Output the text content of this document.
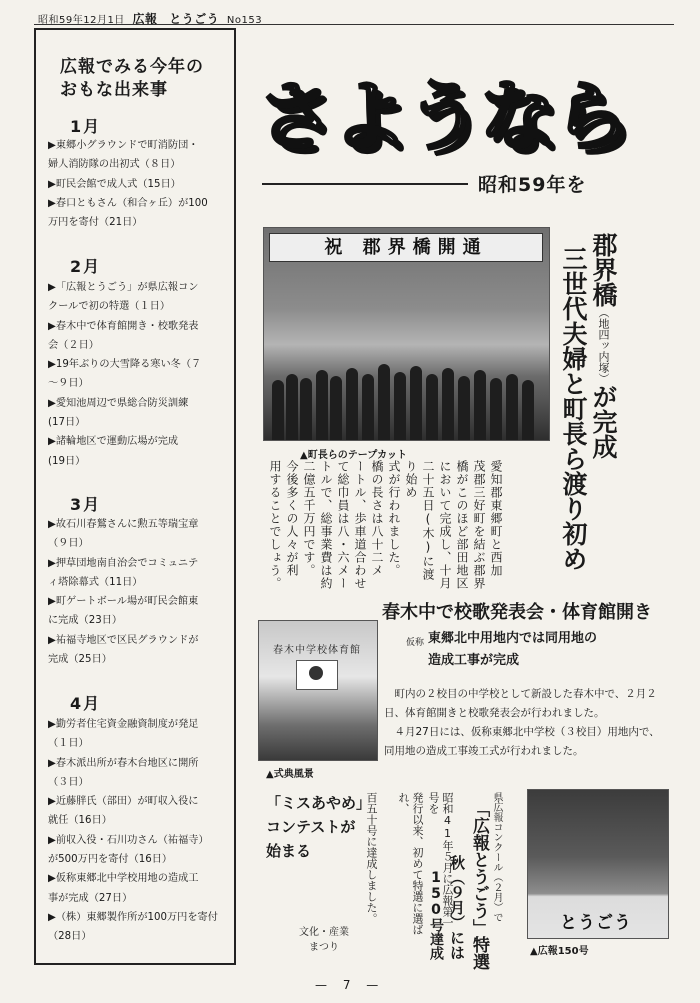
昭和59年12月1日 広報 とうごう No153
広報でみる今年の
おもな出来事
1月
▶東郷小グラウンドで町消防団・
婦人消防隊の出初式（８日）
▶町民会館で成人式（15日）
▶春口ともさん（和合ヶ丘）が100
万円を寄付（21日）
2月
▶「広報とうごう」が県広報コン
クールで初の特選（１日）
▶春木中で体育館開き・校歌発表
会（２日）
▶19年ぶりの大雪降る寒い冬（７
〜９日）
▶愛知池周辺で県総合防災訓練
(17日）
▶諸輪地区で運動広場が完成
(19日）
3月
▶故石川春鷲さんに勲五等瑞宝章
（９日）
▶押草団地南自治会でコミュニテ
ィ塔除幕式（11日）
▶町ゲートボール場が町民会館東
に完成（23日）
▶祐福寺地区で区民グラウンドが
完成（25日）
4月
▶勤労者住宅資金融資制度が発足
（１日）
▶春木派出所が春木台地区に開所
（３日）
▶近藤胖氏（部田）が町収入役に
就任（16日）
▶前収入役・石川功さん（祐福寺）
が500万円を寄付（16日）
▶仮称東郷北中学校用地の造成工
事が完成（27日）
▶（株）東郷製作所が100万円を寄付
（28日）
さようなら
昭和59年を
祝 郡界橋開通
▲町長らのテープカット
郡界橋（地四ッ内塚）が完成
三世代夫婦と町長ら渡り初め
愛知郡東郷町と西加
茂郡三好町を結ぶ郡界
橋がこのほど部田地区
において完成し、十月
二十五日(木)に渡り始め
式が行われました。
橋の長さは八十二メ
ートル、歩車道合わせ
て総巾員は八・六メー
トルで、総事業費は約
二億五千万円です。
今後多くの人々が利
用することでしょう。
春木中で校歌発表会・体育館開き
仮称 東郷北中用地内では同用地の
造成工事が完成

町内の２校目の中学校として新設した春木中で、２月２日、体育館開きと校歌発表会が行われました。

４月27日には、仮称東郷北中学校（３校目）用地内で、同用地の造成工事竣工式が行われました。

春木中学校体育館
▲式典風景
「ミスあやめ」
コンテストが
始まる
文化・産業
まつり
百五十号に達成しました。	発行以来、初めて特選に選ばれ、	昭和41年５月に広報第一号を	県広報コンクール（２月）で
「広報とうごう」特選
秋（９月）には
150号達成	とうごう
▲広報150号
— 7 —
